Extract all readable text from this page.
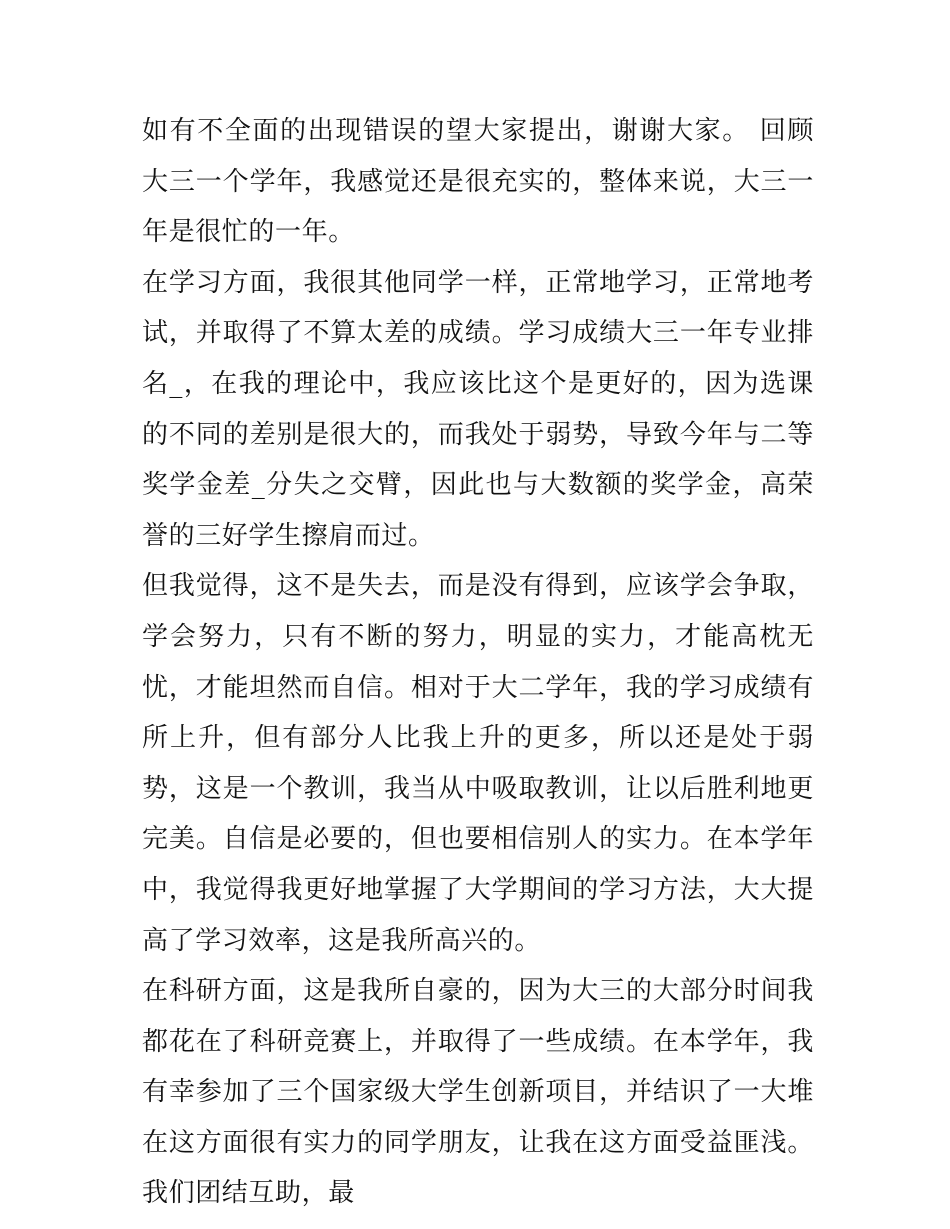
如有不全面的出现错误的望大家提出，谢谢大家。 回顾大三一个学年，我感觉还是很充实的，整体来说，大三一年是很忙的一年。

在学习方面，我很其他同学一样，正常地学习，正常地考试，并取得了不算太差的成绩。学习成绩大三一年专业排名_，在我的理论中，我应该比这个是更好的，因为选课的不同的差别是很大的，而我处于弱势，导致今年与二等奖学金差_分失之交臂，因此也与大数额的奖学金，高荣誉的三好学生擦肩而过。

但我觉得，这不是失去，而是没有得到，应该学会争取，学会努力，只有不断的努力，明显的实力，才能高枕无忧，才能坦然而自信。相对于大二学年，我的学习成绩有所上升，但有部分人比我上升的更多，所以还是处于弱势，这是一个教训，我当从中吸取教训，让以后胜利地更完美。自信是必要的，但也要相信别人的实力。在本学年中，我觉得我更好地掌握了大学期间的学习方法，大大提高了学习效率，这是我所高兴的。

在科研方面，这是我所自豪的，因为大三的大部分时间我都花在了科研竞赛上，并取得了一些成绩。在本学年，我有幸参加了三个国家级大学生创新项目，并结识了一大堆在这方面很有实力的同学朋友，让我在这方面受益匪浅。我们团结互助，最
